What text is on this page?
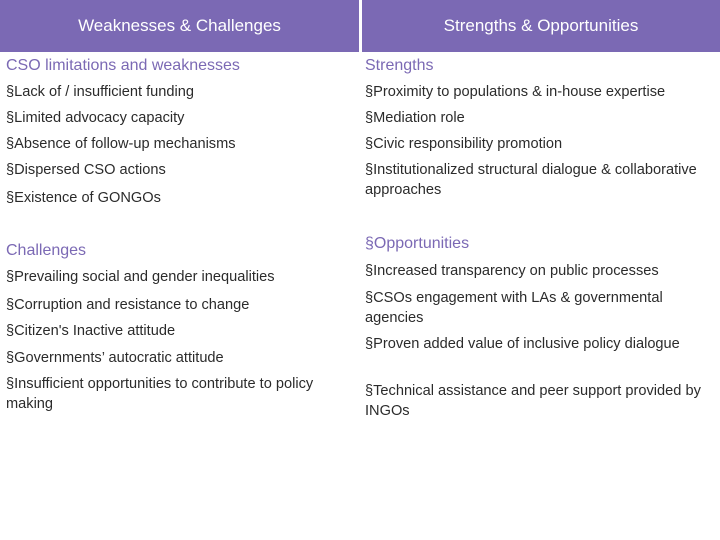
Weaknesses & Challenges	Strengths & Opportunities
CSO limitations and weaknesses
§Lack of / insufficient funding
§Limited advocacy capacity
§Absence of follow-up mechanisms
§Dispersed CSO actions
§Existence of GONGOs
Challenges
§Prevailing social and gender inequalities
§Corruption and resistance to change
§Citizen's Inactive attitude
§Governments’ autocratic attitude
§Insufficient opportunities to contribute to policy making
Strengths
§Proximity to populations & in-house expertise
§Mediation role
§Civic responsibility promotion
§Institutionalized structural dialogue & collaborative approaches
§Opportunities
§Increased transparency on public processes
§CSOs engagement with LAs & governmental agencies
§Proven added value of inclusive policy dialogue
§Technical assistance and peer support provided by INGOs
